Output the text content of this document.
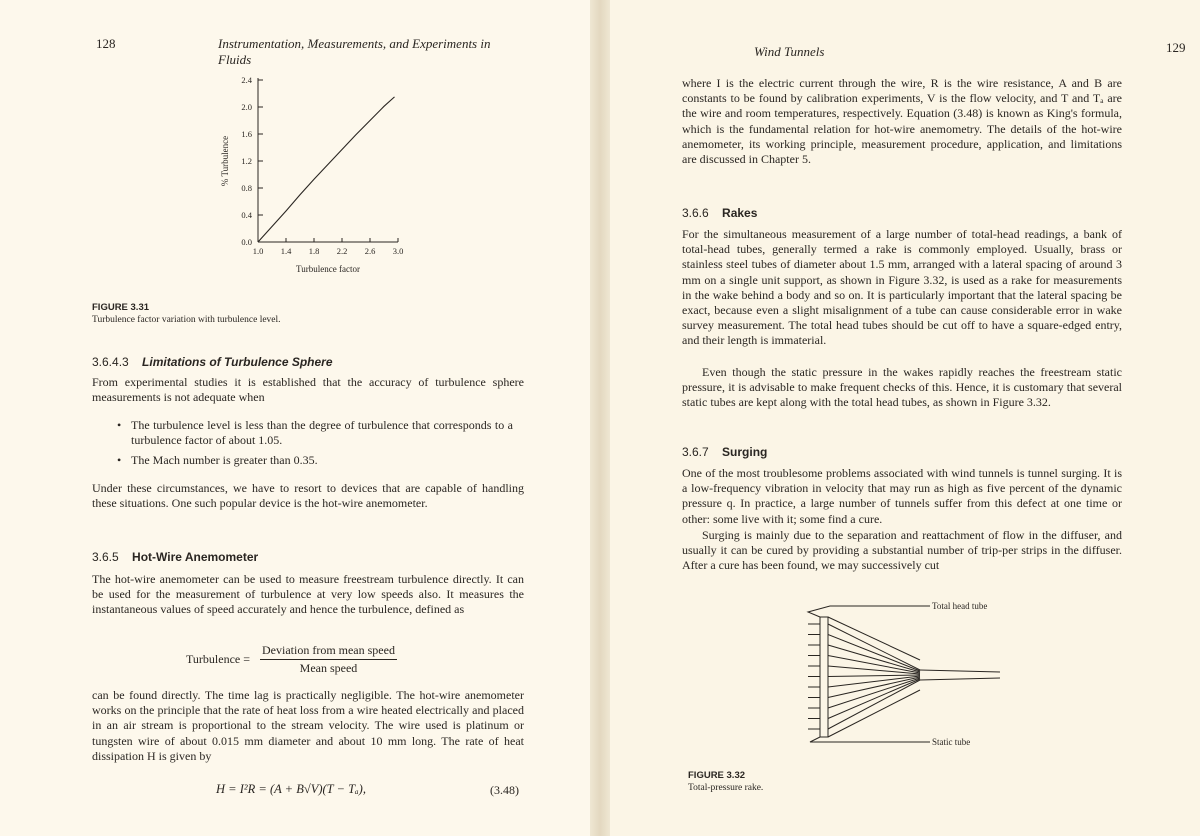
128	Instrumentation, Measurements, and Experiments in Fluids
0.0
0.4
0.8
1.2
1.6
2.0
2.4
1.0 1.4 1.8 2.2 2.6 3.0
Turbulence factor
% Turbulence
FIGURE 3.31
Turbulence factor variation with turbulence level.
3.6.4.3 Limitations of Turbulence Sphere

From experimental studies it is established that the accuracy of turbulence sphere measurements is not adequate when

• The turbulence level is less than the degree of turbulence that corresponds to a turbulence factor of about 1.05.
• The Mach number is greater than 0.35.

Under these circumstances, we have to resort to devices that are capable of handling these situations. One such popular device is the hot-wire anemometer.

3.6.5 Hot-Wire Anemometer

The hot-wire anemometer can be used to measure freestream turbulence directly. It can be used for the measurement of turbulence at very low speeds also. It measures the instantaneous values of speed accurately and hence the turbulence, defined as

Turbulence =
Deviation from mean speed
Mean speed

can be found directly. The time lag is practically negligible. The hot-wire anemometer works on the principle that the rate of heat loss from a wire heated electrically and placed in an air stream is proportional to the stream velocity. The wire used is platinum or tungsten wire of about 0.015 mm diameter and about 10 mm long. The rate of heat dissipation H is given by

H = I²R = (A + B√V)(T − Tₐ),	(3.48)
Wind Tunnels	129

where I is the electric current through the wire, R is the wire resistance, A and B are constants to be found by calibration experiments, V is the flow velocity, and T and Tₐ are the wire and room temperatures, respectively. Equation (3.48) is known as King's formula, which is the fundamental relation for hot-wire anemometry. The details of the hot-wire anemometer, its working principle, measurement procedure, application, and limitations are discussed in Chapter 5.

3.6.6 Rakes

For the simultaneous measurement of a large number of total-head readings, a bank of total-head tubes, generally termed a rake is commonly employed. Usually, brass or stainless steel tubes of diameter about 1.5 mm, arranged with a lateral spacing of around 3 mm on a single unit support, as shown in Figure 3.32, is used as a rake for measurements in the wake behind a body and so on. It is particularly important that the lateral spacing be exact, because even a slight misalignment of a tube can cause considerable error in wake survey measurement. The total head tubes should be cut off to have a square-edged entry, and their length is immaterial.

Even though the static pressure in the wakes rapidly reaches the freestream static pressure, it is advisable to make frequent checks of this. Hence, it is customary that several static tubes are kept along with the total head tubes, as shown in Figure 3.32.

3.6.7 Surging

One of the most troublesome problems associated with wind tunnels is tunnel surging. It is a low-frequency vibration in velocity that may run as high as five percent of the dynamic pressure q. In practice, a large number of tunnels suffer from this defect at one time or other: some live with it; some find a cure.

Surging is mainly due to the separation and reattachment of flow in the diffuser, and usually it can be cured by providing a substantial number of trip-per strips in the diffuser. After a cure has been found, we may successively cut

Total head tube
Static tube
FIGURE 3.32
Total-pressure rake.
